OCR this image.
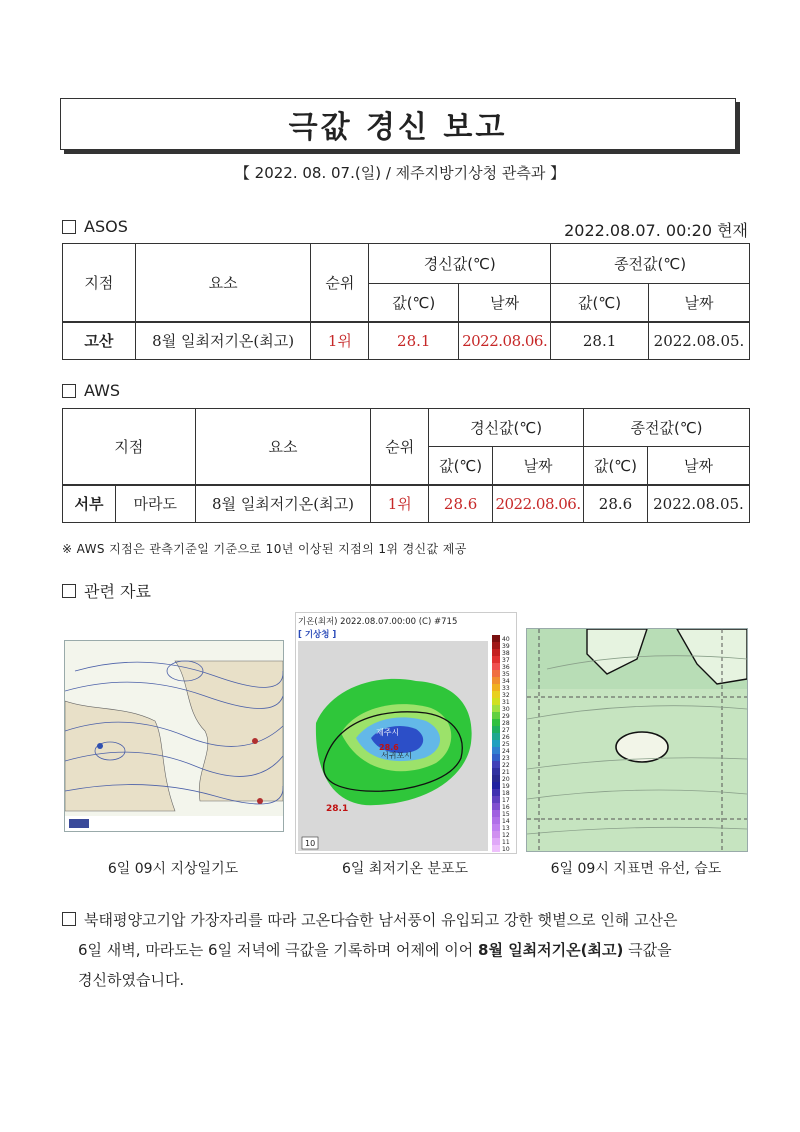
극값 경신 보고
【 2022. 08. 07.(일) / 제주지방기상청 관측과 】
ASOS	2022.08.07. 00:20 현재
지점	요소	순위	경신값(℃)		종전값(℃)	
			값(℃)	날짜	값(℃)	날짜
고산	8월 일최저기온(최고)	1위	28.1	2022.08.06.	28.1	2022.08.05.
AWS
지점		요소	순위	경신값(℃)		종전값(℃)	
				값(℃)	날짜	값(℃)	날짜
서부	마라도	8월 일최저기온(최고)	1위	28.6	2022.08.06.	28.6	2022.08.05.
※ AWS 지점은 관측기준일 기준으로 10년 이상된 지점의 1위 경신값 제공
관련 자료
6일 09시 지상일기도
기온(최저) 2022.08.07.00:00 (C) #715
[ 기상청 ]
제주시
서귀포시
28.6
28.1
10
40
39
38
37
36
35
34
33
32
31
30
29
28
27
26
25
24
23
22
21
20
19
18
17
16
15
14
13
12
11
10
6일 최저기온 분포도	6일 09시 지표면 유선, 습도
북태평양고기압 가장자리를 따라 고온다습한 남서풍이 유입되고 강한 햇볕으로 인해 고산은
6일 새벽, 마라도는 6일 저녁에 극값을 기록하며 어제에 이어 8월 일최저기온(최고) 극값을
경신하였습니다.
